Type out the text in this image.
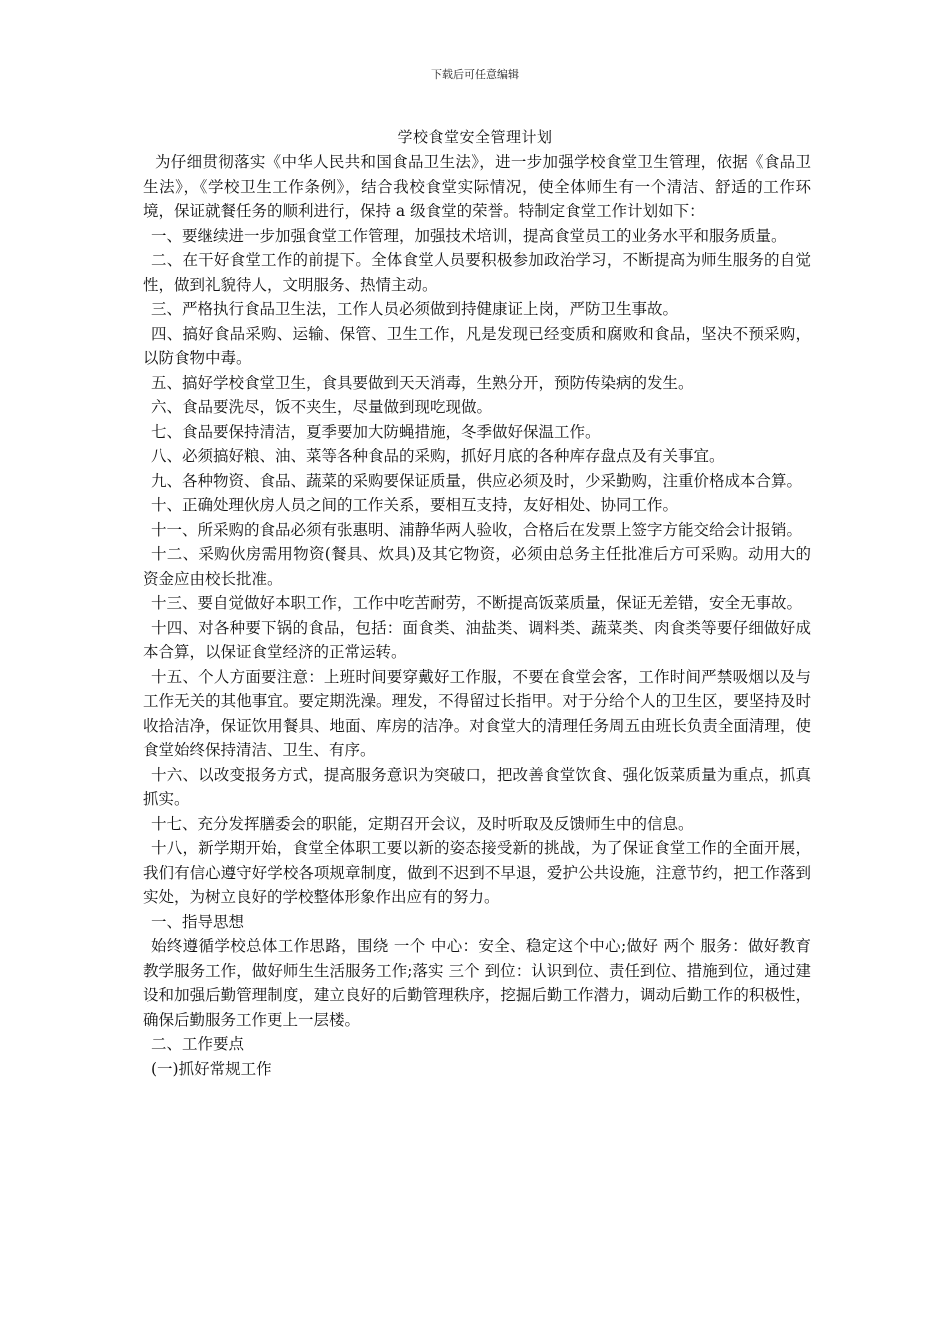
下载后可任意编辑
学校食堂安全管理计划

为仔细贯彻落实《中华人民共和国食品卫生法》，进一步加强学校食堂卫生管理，依据《食品卫生法》，《学校卫生工作条例》，结合我校食堂实际情况，使全体师生有一个清洁、舒适的工作环境，保证就餐任务的顺利进行，保持 a 级食堂的荣誉。特制定食堂工作计划如下：

一、要继续进一步加强食堂工作管理，加强技术培训，提高食堂员工的业务水平和服务质量。

二、在干好食堂工作的前提下。全体食堂人员要积极参加政治学习，不断提高为师生服务的自觉性，做到礼貌待人，文明服务、热情主动。

三、严格执行食品卫生法，工作人员必须做到持健康证上岗，严防卫生事故。

四、搞好食品采购、运输、保管、卫生工作，凡是发现已经变质和腐败和食品，坚决不预采购，以防食物中毒。

五、搞好学校食堂卫生，食具要做到天天消毒，生熟分开，预防传染病的发生。

六、食品要洗尽，饭不夹生，尽量做到现吃现做。

七、食品要保持清洁，夏季要加大防蝇措施，冬季做好保温工作。

八、必须搞好粮、油、菜等各种食品的采购，抓好月底的各种库存盘点及有关事宜。

九、各种物资、食品、蔬菜的采购要保证质量，供应必须及时，少采勤购，注重价格成本合算。

十、正确处理伙房人员之间的工作关系，要相互支持，友好相处、协同工作。

十一、所采购的食品必须有张惠明、浦静华两人验收，合格后在发票上签字方能交给会计报销。

十二、采购伙房需用物资(餐具、炊具)及其它物资，必须由总务主任批准后方可采购。动用大的资金应由校长批准。

十三、要自觉做好本职工作，工作中吃苦耐劳，不断提高饭菜质量，保证无差错，安全无事故。

十四、对各种要下锅的食品，包括：面食类、油盐类、调料类、蔬菜类、肉食类等要仔细做好成本合算，以保证食堂经济的正常运转。

十五、个人方面要注意：上班时间要穿戴好工作服，不要在食堂会客，工作时间严禁吸烟以及与工作无关的其他事宜。要定期洗澡。理发，不得留过长指甲。对于分给个人的卫生区，要坚持及时收拾洁净，保证饮用餐具、地面、库房的洁净。对食堂大的清理任务周五由班长负责全面清理，使食堂始终保持清洁、卫生、有序。

十六、以改变报务方式，提高服务意识为突破口，把改善食堂饮食、强化饭菜质量为重点，抓真抓实。

十七、充分发挥膳委会的职能，定期召开会议，及时听取及反馈师生中的信息。

十八，新学期开始，食堂全体职工要以新的姿态接受新的挑战，为了保证食堂工作的全面开展，我们有信心遵守好学校各项规章制度，做到不迟到不早退，爱护公共设施，注意节约，把工作落到实处，为树立良好的学校整体形象作出应有的努力。

一、指导思想

始终遵循学校总体工作思路，围绕 一个 中心：安全、稳定这个中心;做好 两个 服务：做好教育教学服务工作，做好师生生活服务工作;落实 三个 到位：认识到位、责任到位、措施到位，通过建设和加强后勤管理制度，建立良好的后勤管理秩序，挖掘后勤工作潜力，调动后勤工作的积极性，确保后勤服务工作更上一层楼。

二、工作要点

(一)抓好常规工作
